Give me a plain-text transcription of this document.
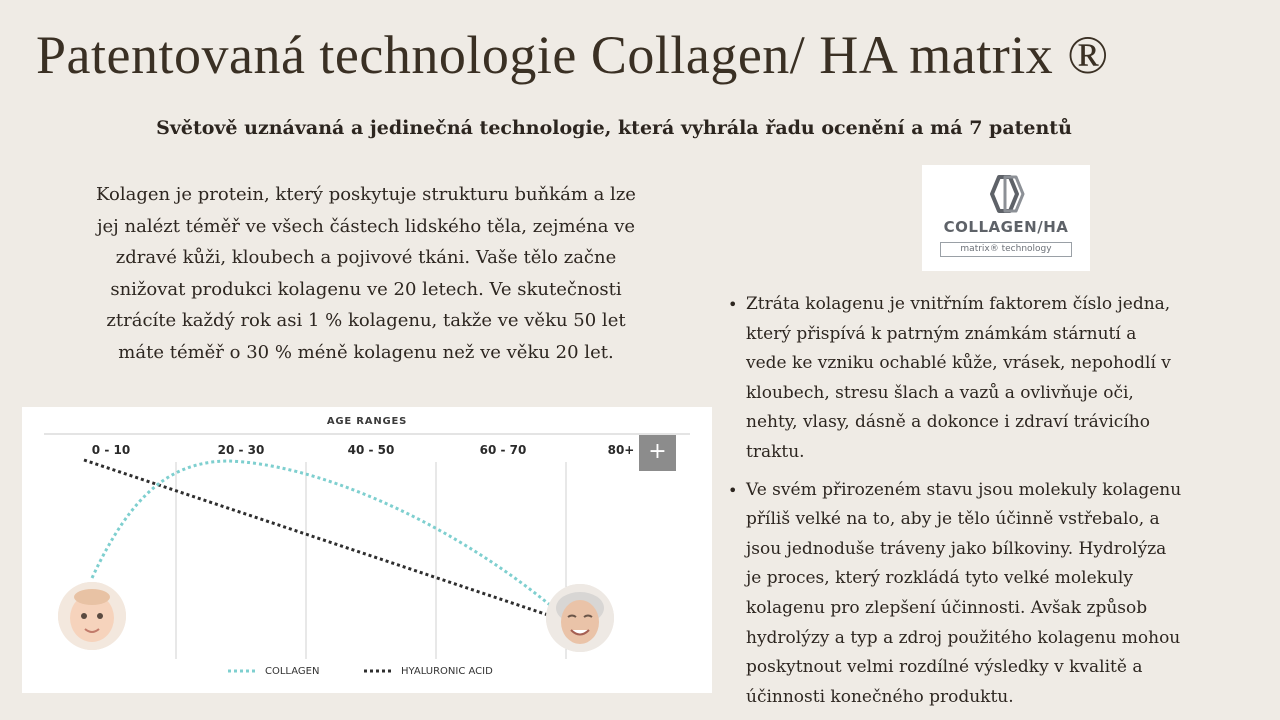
Patentovaná technologie Collagen/ HA matrix ®
Světově uznávaná a jedinečná technologie, která vyhrála řadu ocenění a má 7 patentů
Kolagen je protein, který poskytuje strukturu buňkám a lze
jej nalézt téměř ve všech částech lidského těla, zejména ve
zdravé kůži, kloubech a pojivové tkáni. Vaše tělo začne
snižovat produkci kolagenu ve 20 letech. Ve skutečnosti
ztrácíte každý rok asi 1 % kolagenu, takže ve věku 50 let
máte téměř o 30 % méně kolagenu než ve věku 20 let.
COLLAGEN/HA
matrix® technology
• Ztráta kolagenu je vnitřním faktorem číslo jedna,
který přispívá k patrným známkám stárnutí a
vede ke vzniku ochablé kůže, vrásek, nepohodlí v
kloubech, stresu šlach a vazů a ovlivňuje oči,
nehty, vlasy, dásně a dokonce i zdraví trávicího
traktu.
• Ve svém přirozeném stavu jsou molekuly kolagenu
příliš velké na to, aby je tělo účinně vstřebalo, a
jsou jednoduše tráveny jako bílkoviny. Hydrolýza
je proces, který rozkládá tyto velké molekuly
kolagenu pro zlepšení účinnosti. Avšak způsob
hydrolýzy a typ a zdroj použitého kolagenu mohou
poskytnout velmi rozdílné výsledky v kvalitě a
účinnosti konečného produktu.
AGE RANGES
0 - 10	20 - 30	40 - 50	60 - 70	80+ +
COLLAGEN	HYALURONIC ACID
